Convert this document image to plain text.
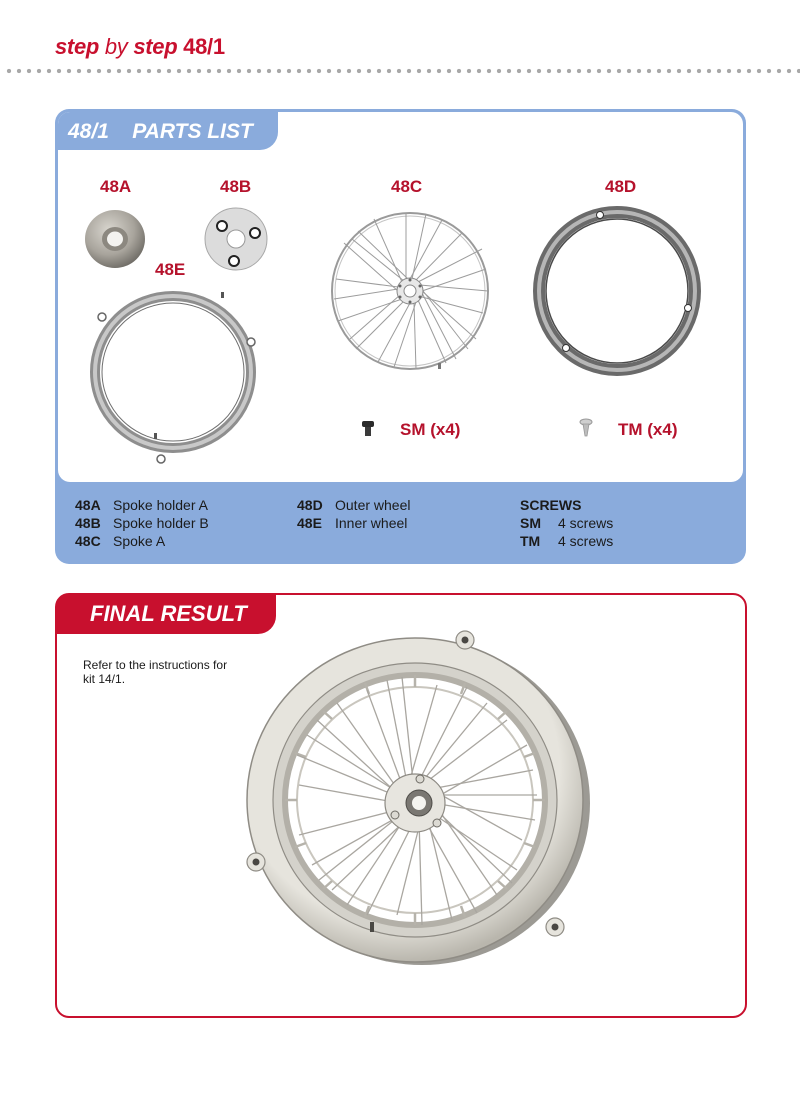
step by step 48/1
48/1 PARTS LIST
48A	48B	48C	48D
48E
SM (x4)	TM (x4)
48A Spoke holder A
48B Spoke holder B
48C Spoke A
48D Outer wheel
48E Inner wheel
SCREWS
SM	4 screws
TM	4 screws
FINAL RESULT
Refer to the instructions for kit 14/1.
